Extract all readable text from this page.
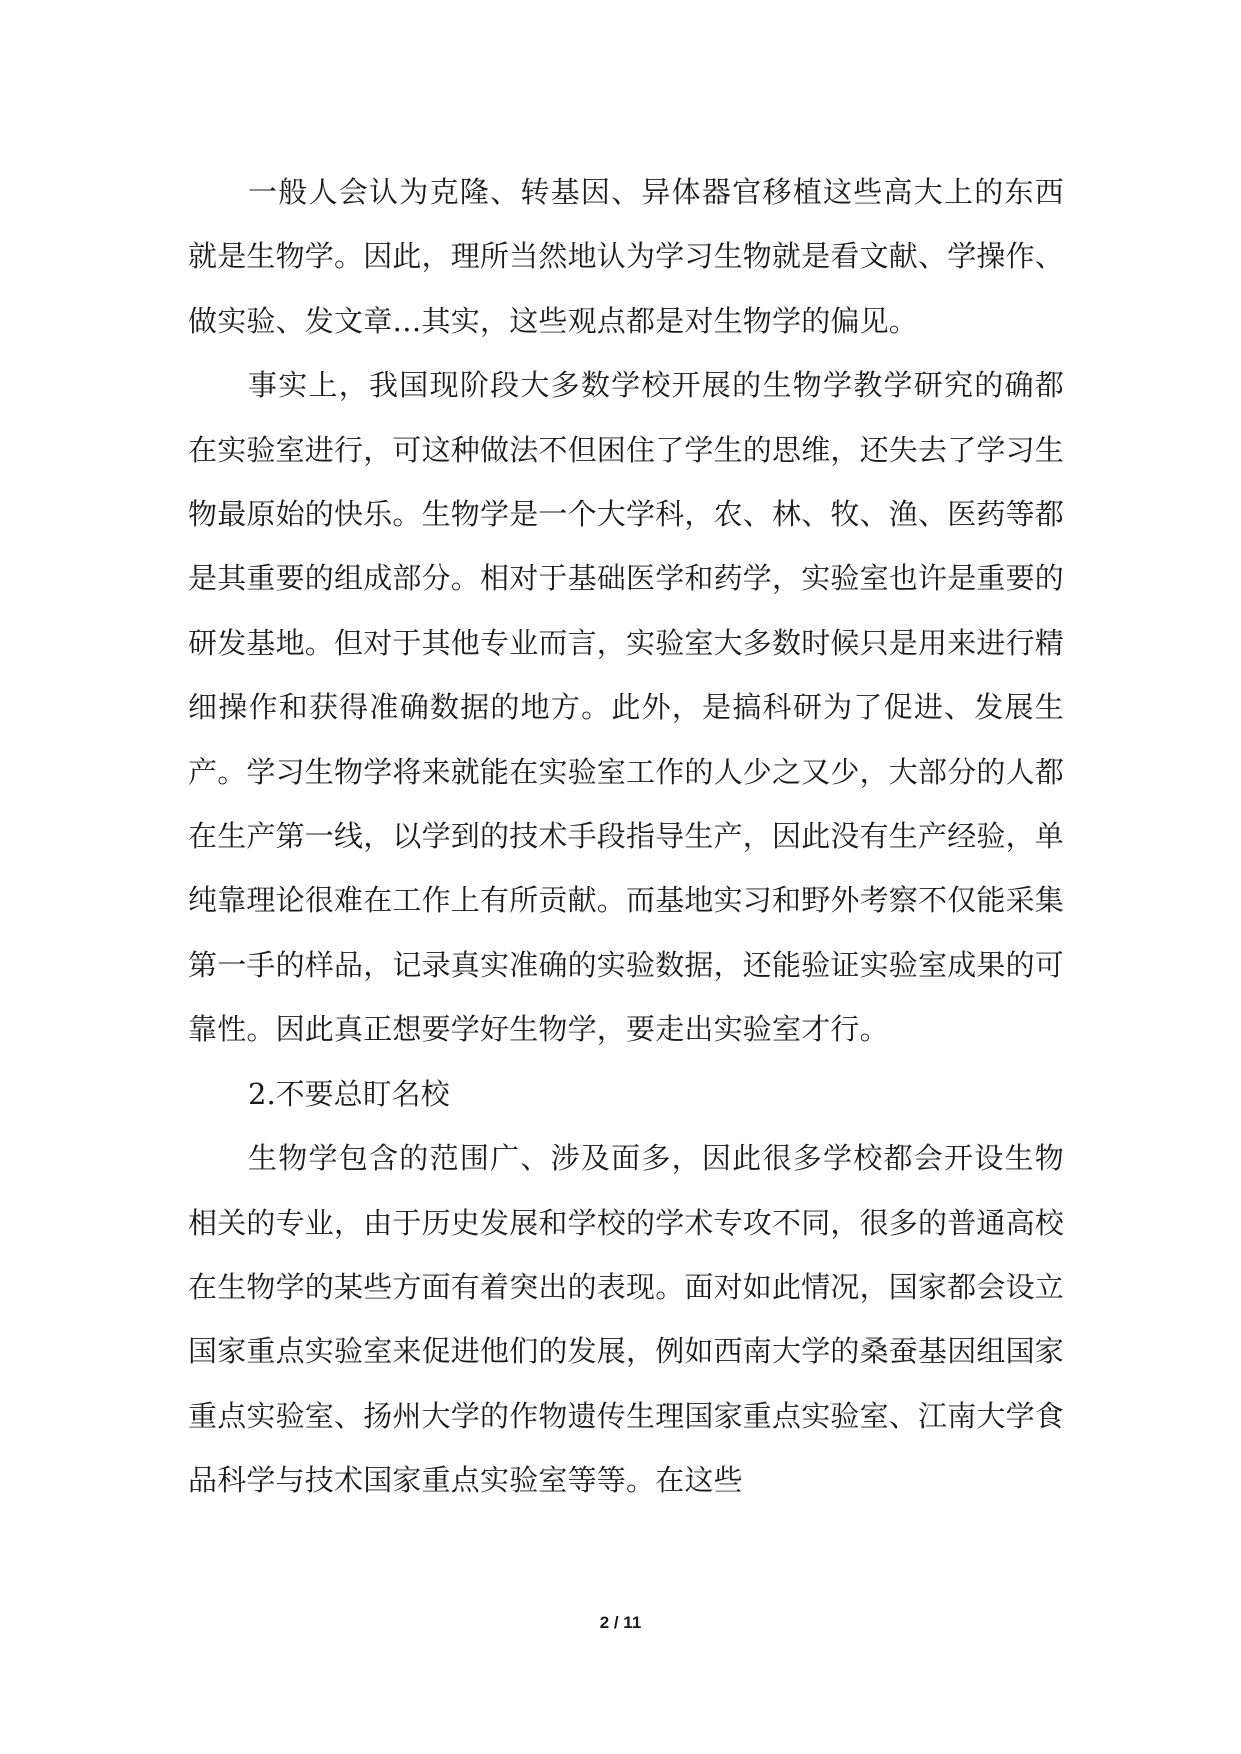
一般人会认为克隆、转基因、异体器官移植这些高大上的东西就是生物学。因此，理所当然地认为学习生物就是看文献、学操作、做实验、发文章…其实，这些观点都是对生物学的偏见。

事实上，我国现阶段大多数学校开展的生物学教学研究的确都在实验室进行，可这种做法不但困住了学生的思维，还失去了学习生物最原始的快乐。生物学是一个大学科，农、林、牧、渔、医药等都是其重要的组成部分。相对于基础医学和药学，实验室也许是重要的研发基地。但对于其他专业而言，实验室大多数时候只是用来进行精细操作和获得准确数据的地方。此外，是搞科研为了促进、发展生产。学习生物学将来就能在实验室工作的人少之又少，大部分的人都在生产第一线，以学到的技术手段指导生产，因此没有生产经验，单纯靠理论很难在工作上有所贡献。而基地实习和野外考察不仅能采集第一手的样品，记录真实准确的实验数据，还能验证实验室成果的可靠性。因此真正想要学好生物学，要走出实验室才行。

2.不要总盯名校

生物学包含的范围广、涉及面多，因此很多学校都会开设生物相关的专业，由于历史发展和学校的学术专攻不同，很多的普通高校在生物学的某些方面有着突出的表现。面对如此情况，国家都会设立国家重点实验室来促进他们的发展，例如西南大学的桑蚕基因组国家重点实验室、扬州大学的作物遗传生理国家重点实验室、江南大学食品科学与技术国家重点实验室等等。在这些

2 / 11
